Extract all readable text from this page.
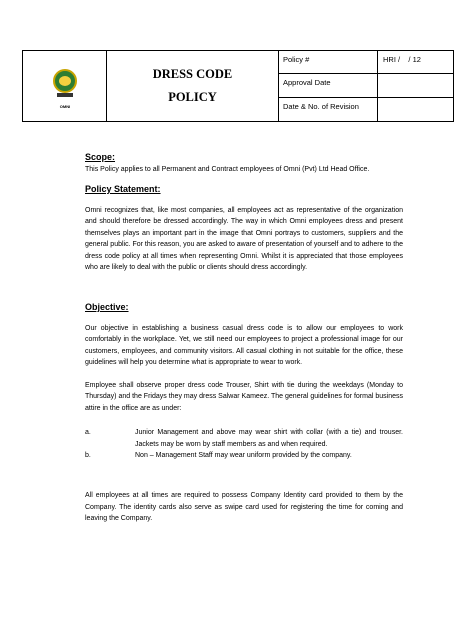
OMNI
DRESS CODE
POLICY
Policy #
Approval Date
Date & No. of Revision
HRI /    / 12
Scope:

This Policy applies to all Permanent and Contract employees of Omni (Pvt) Ltd Head Office.

Policy Statement:

Omni recognizes that, like most companies, all employees act as representative of the organization and should therefore be dressed accordingly. The way in which Omni employees dress and present themselves plays an important part in the image that Omni portrays to customers, suppliers and the general public. For this reason, you are asked to aware of presentation of yourself and to adhere to the dress code policy at all times when representing Omni. Whilst it is appreciated that those employees who are likely to deal with the public or clients should dress accordingly.

Objective:

Our objective in establishing a business casual dress code is to allow our employees to work comfortably in the workplace. Yet, we still need our employees to project a professional image for our customers, employees, and community visitors. All casual clothing in not suitable for the office, these guidelines will help you determine what is appropriate to wear to work.

Employee shall observe proper dress code Trouser, Shirt with tie during the weekdays (Monday to Thursday) and the Fridays they may dress Salwar Kameez. The general guidelines for formal business attire in the office are as under:

a.	Junior Management and above may wear shirt with collar (with a tie) and trouser. Jackets may be worn by staff members as and when required.

b.	Non – Management Staff may wear uniform provided by the company.

All employees at all times are required to possess Company Identity card provided to them by the Company. The identity cards also serve as swipe card used for registering the time for coming and leaving the Company.
